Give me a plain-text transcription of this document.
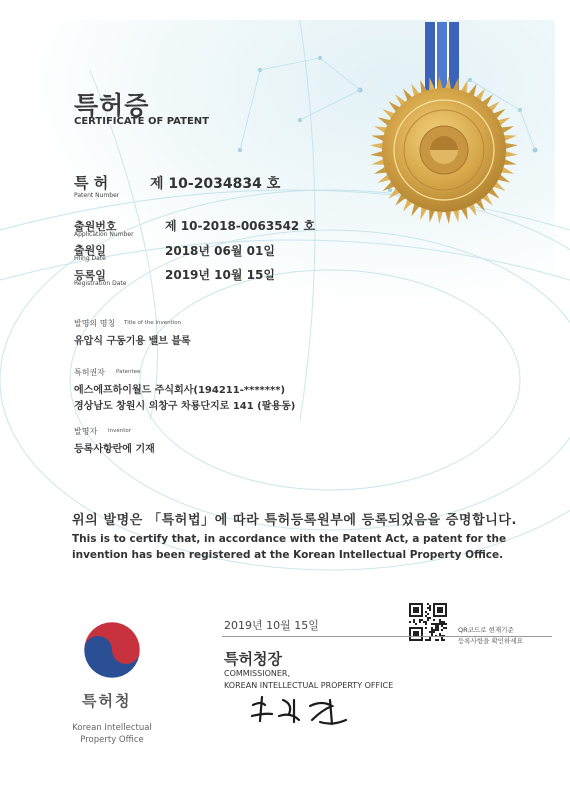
특허증
CERTIFICATE OF PATENT
특 허
Patent Number
제 10-2034834 호
출원번호
Application Number
제 10-2018-0063542 호
출원일
Filing Date
2018년 06월 01일
등록일
Registration Date
2019년 10월 15일
발명의 명칭 Title of the Invention
유압식 구동기용 밸브 블록
특허권자 Patentee
에스에프하이월드 주식회사(194211-*******)
경상남도 창원시 의창구 차룡단지로 141 (팔용동)
발명자 Inventor
등록사항란에 기재
위의 발명은 「특허법」에 따라 특허등록원부에 등록되었음을 증명합니다.
This is to certify that, in accordance with the Patent Act, a patent for the invention has been registered at the Korean Intellectual Property Office.
2019년 10월 15일
특허청장
COMMISSIONER,
KOREAN INTELLECTUAL PROPERTY OFFICE
QR코드로 현재기준
등록사항을 확인하세요
특허청
Korean Intellectual
Property Office
